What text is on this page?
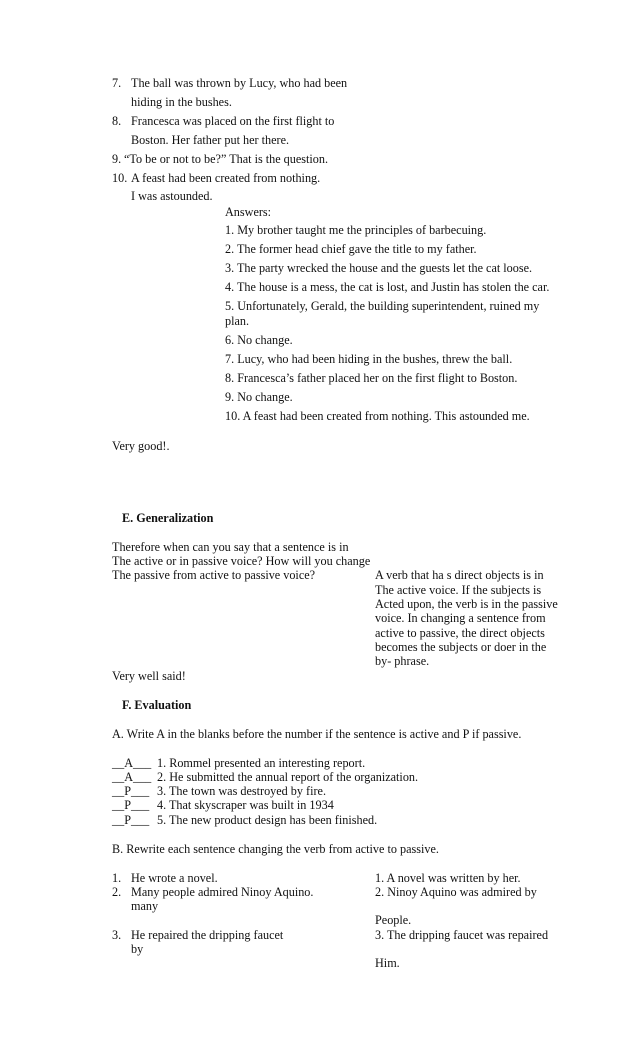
7. The ball was thrown by Lucy, who had been
hiding in the bushes.
8. Francesca was placed on the first flight to
Boston. Her father put her there.
9. “To be or not to be?” That is the question.
10. A feast had been created from nothing.
I was astounded.
Answers:
1. My brother taught me the principles of barbecuing.
2. The former head chief gave the title to my father.
3. The party wrecked the house and the guests let the cat loose.
4. The house is a mess, the cat is lost, and Justin has stolen the car.
5. Unfortunately, Gerald, the building superintendent, ruined my
plan.
6. No change.
7. Lucy, who had been hiding in the bushes, threw the ball.
8. Francesca’s father placed her on the first flight to Boston.
9. No change.
10. A feast had been created from nothing. This astounded me.
Very good!.
E. Generalization
Therefore when can you say that a sentence is in
The active or in passive voice? How will you change
The passive from active to passive voice?	A verb that ha s direct objects is in
The active voice. If the subjects is
Acted upon, the verb is in the passive
voice. In changing a sentence from
active to passive, the direct objects
becomes the subjects or doer in the
by- phrase.
Very well said!
F. Evaluation
A. Write A in the blanks before the number if the sentence is active and P if passive.
__A___ 1. Rommel presented an interesting report.
__A___ 2. He submitted the annual report of the organization.
__P___ 3. The town was destroyed by fire.
__P___ 4. That skyscraper was built in 1934
__P___ 5. The new product design has been finished.
B. Rewrite each sentence changing the verb from active to passive.
1. He wrote a novel.
2. Many people admired Ninoy Aquino.
many
3. He repaired the dripping faucet
by
1. A novel was written by her.
2. Ninoy Aquino was admired by
People.
3. The dripping faucet was repaired
Him.
